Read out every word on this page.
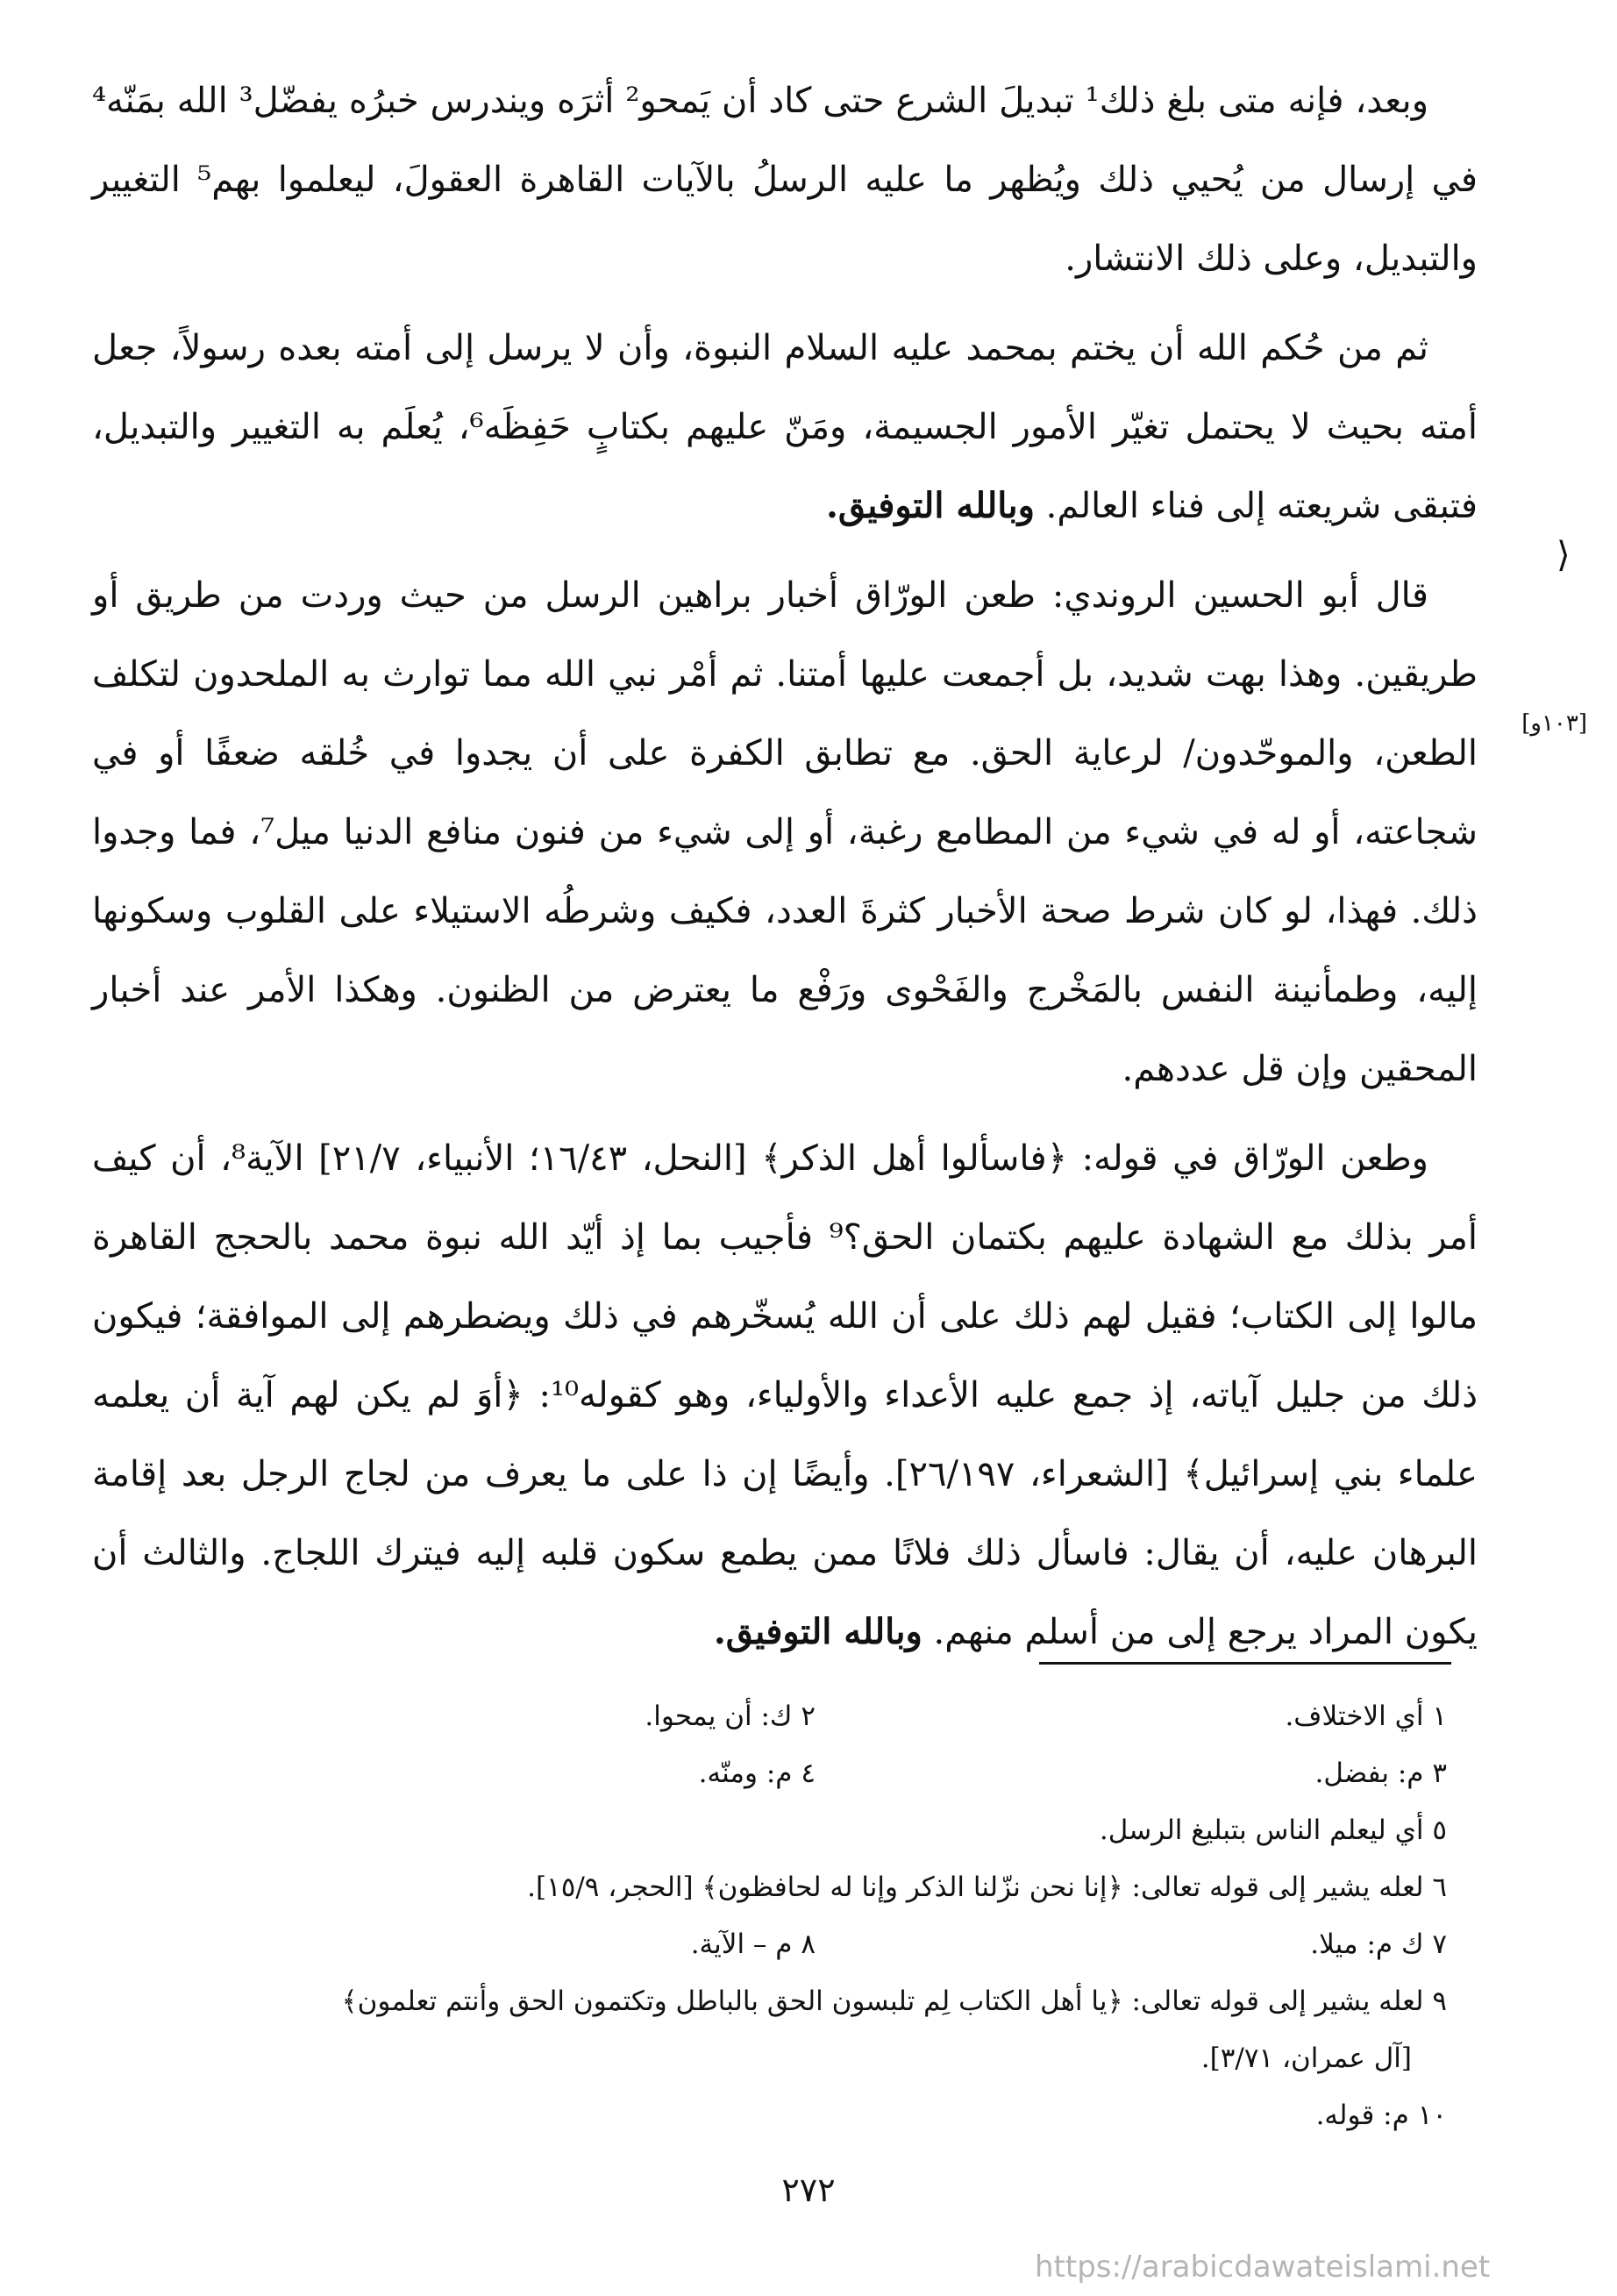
⟩
[١٠٣و]

وبعد، فإنه متى بلغ ذلك¹ تبديلَ الشرع حتى كاد أن يَمحو² أثرَه ويندرس خبرُه يفضّل³ الله بمَنّه⁴ في إرسال من يُحيي ذلك ويُظهر ما عليه الرسلُ بالآيات القاهرة العقولَ، ليعلموا بهم⁵ التغيير والتبديل، وعلى ذلك الانتشار.

ثم من حُكم الله أن يختم بمحمد عليه السلام النبوة، وأن لا يرسل إلى أمته بعده رسولاً، جعل أمته بحيث لا يحتمل تغيّر الأمور الجسيمة، ومَنّ عليهم بكتابٍ حَفِظَه⁶، يُعلَم به التغيير والتبديل، فتبقى شريعته إلى فناء العالم. وبالله التوفيق.

قال أبو الحسين الروندي: طعن الورّاق أخبار براهين الرسل من حيث وردت من طريق أو طريقين. وهذا بهت شديد، بل أجمعت عليها أمتنا. ثم أمْر نبي الله مما توارث به الملحدون لتكلف الطعن، والموحّدون/ لرعاية الحق. مع تطابق الكفرة على أن يجدوا في خُلقه ضعفًا أو في شجاعته، أو له في شيء من المطامع رغبة، أو إلى شيء من فنون منافع الدنيا ميل⁷، فما وجدوا ذلك. فهذا، لو كان شرط صحة الأخبار كثرةَ العدد، فكيف وشرطُه الاستيلاء على القلوب وسكونها إليه، وطمأنينة النفس بالمَخْرج والفَحْوى ورَفْع ما يعترض من الظنون. وهكذا الأمر عند أخبار المحقين وإن قل عددهم.

وطعن الورّاق في قوله: ﴿فاسألوا أهل الذكر﴾ [النحل، ١٦/٤٣؛ الأنبياء، ٢١/٧] الآية⁸، أن كيف أمر بذلك مع الشهادة عليهم بكتمان الحق؟⁹ فأجيب بما إذ أيّد الله نبوة محمد بالحجج القاهرة مالوا إلى الكتاب؛ فقيل لهم ذلك على أن الله يُسخّرهم في ذلك ويضطرهم إلى الموافقة؛ فيكون ذلك من جليل آياته، إذ جمع عليه الأعداء والأولياء، وهو كقوله¹⁰: ﴿أوَ لم يكن لهم آية أن يعلمه علماء بني إسرائيل﴾ [الشعراء، ٢٦/١٩٧]. وأيضًا إن ذا على ما يعرف من لجاج الرجل بعد إقامة البرهان عليه، أن يقال: فاسأل ذلك فلانًا ممن يطمع سكون قلبه إليه فيترك اللجاج. والثالث أن يكون المراد يرجع إلى من أسلم منهم. وبالله التوفيق.

١ أي الاختلاف.
٢ ك: أن يمحوا.
٣ م: بفضل.
٤ م: ومنّه.

٥ أي ليعلم الناس بتبليغ الرسل.

٦ لعله يشير إلى قوله تعالى: ﴿إنا نحن نزّلنا الذكر وإنا له لحافظون﴾ [الحجر، ١٥/٩].

٧ ك م: ميلا.
٨ م – الآية.

٩ لعله يشير إلى قوله تعالى: ﴿يا أهل الكتاب لِم تلبسون الحق بالباطل وتكتمون الحق وأنتم تعلمون﴾

[آل عمران، ٣/٧١].

١٠ م: قوله.

٢٧٢
https://arabicdawateislami.net
